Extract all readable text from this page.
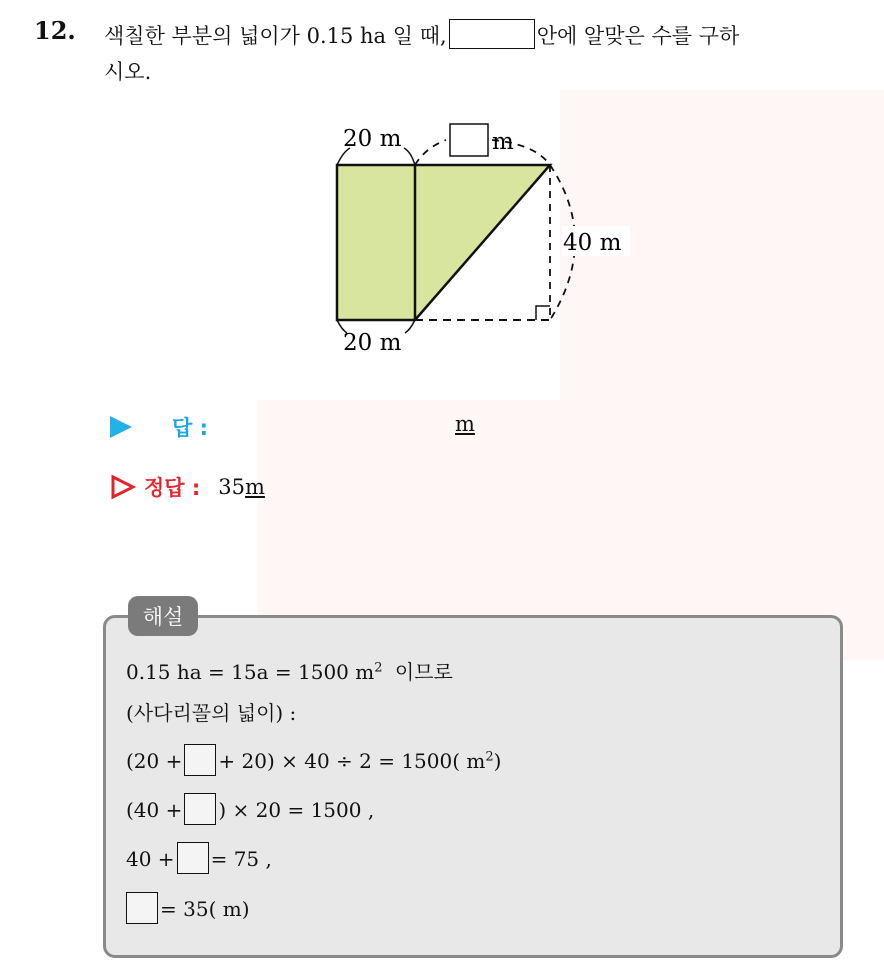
12. 색칠한 부분의 넓이가 0.15 ha 일 때,	안에 알맞은 수를 구하
시오.
m
20 m
20 m
40 m
답 :	m
정답 : 35 m
해설
0.15 ha = 15a = 1500 $m^2$ 이므로
(사다리꼴의 넓이) :
(20 + + 20) × 40 ÷ 2 = 1500( $m^2$)
(40 + ) × 20 = 1500 ,
40 + = 75 ,
= 35( m)
